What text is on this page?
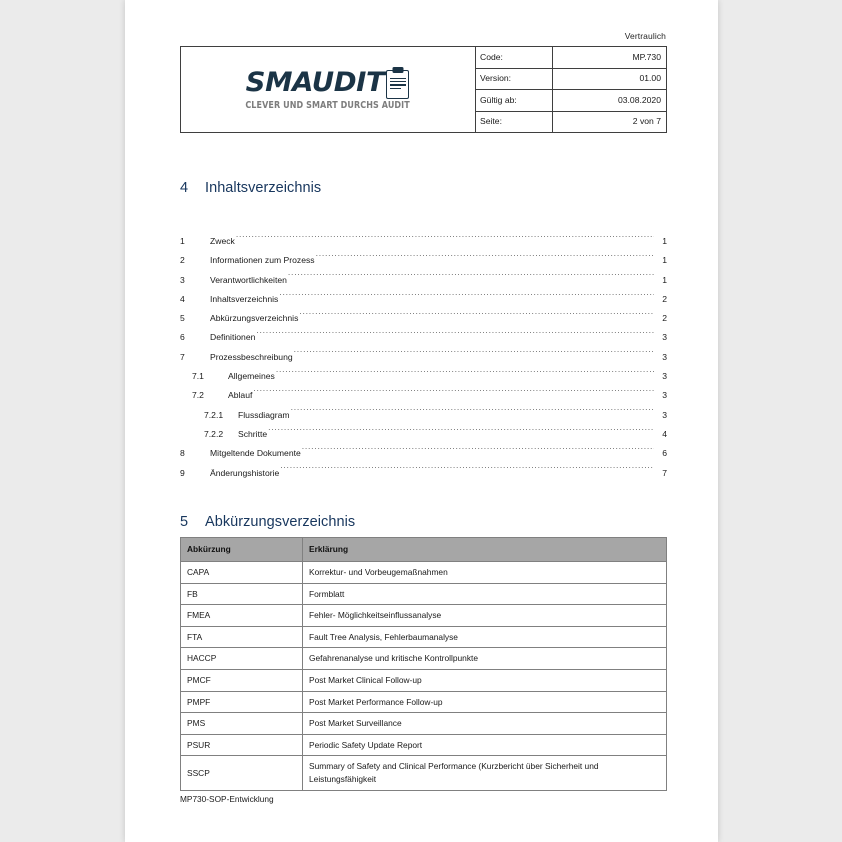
Vertraulich
SMAUDIT
CLEVER UND SMART DURCHS AUDIT	Code:	MP.730
	Version:	01.00
	Gültig ab:	03.08.2020
	Seite:	2 von 7
4 Inhaltsverzeichnis
1	Zweck .....	1
2	Informationen zum Prozess .....	1
3	Verantwortlichkeiten .....	1
4	Inhaltsverzeichnis .....	2
5	Abkürzungsverzeichnis .....	2
6	Definitionen .....	3
7	Prozessbeschreibung .....	3
7.1	Allgemeines .....	3
7.2	Ablauf .....	3
7.2.1	Flussdiagram .....	3
7.2.2	Schritte .....	4
8	Mitgeltende Dokumente .....	6
9	Änderungshistorie .....	7
5 Abkürzungsverzeichnis
Abkürzung	Erklärung
CAPA	Korrektur- und Vorbeugemaßnahmen
FB	Formblatt
FMEA	Fehler- Möglichkeitseinflussanalyse
FTA	Fault Tree Analysis, Fehlerbaumanalyse
HACCP	Gefahrenanalyse und kritische Kontrollpunkte
PMCF	Post Market Clinical Follow-up
PMPF	Post Market Performance Follow-up
PMS	Post Market Surveillance
PSUR	Periodic Safety Update Report
SSCP	Summary of Safety and Clinical Performance (Kurzbericht über Sicherheit und Leistungsfähigkeit
MP730-SOP-Entwicklung
